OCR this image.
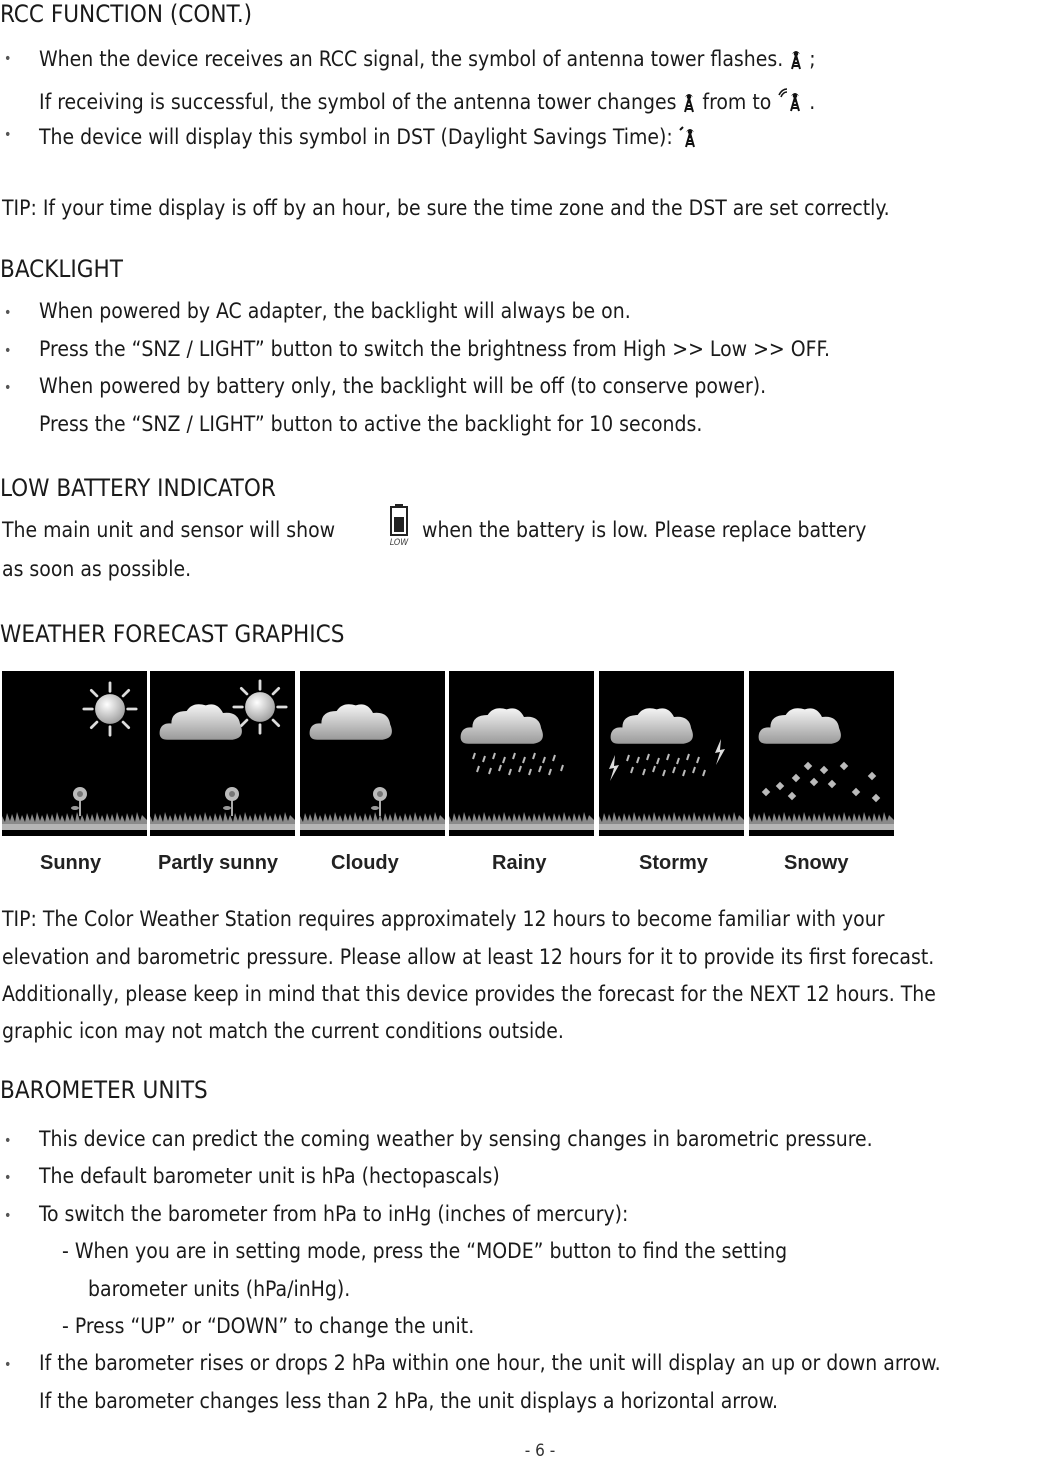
RCC FUNCTION (CONT.)
• When the device receives an RCC signal, the symbol of antenna tower flashes. ;
If receiving is successful, the symbol of the antenna tower changes from to .
• The device will display this symbol in DST (Daylight Savings Time):
TIP: If your time display is off by an hour, be sure the time zone and the DST are set correctly.
BACKLIGHT
• When powered by AC adapter, the backlight will always be on.
• Press the “SNZ / LIGHT” button to switch the brightness from High >> Low >> OFF.
• When powered by battery only, the backlight will be off (to conserve power).
Press the “SNZ / LIGHT” button to active the backlight for 10 seconds.
LOW BATTERY INDICATOR
The main unit and sensor will show
LOW
when the battery is low. Please replace battery
as soon as possible.
WEATHER FORECAST GRAPHICS
Sunny	Partly sunny	Cloudy	Rainy	Stormy	Snowy
TIP: The Color Weather Station requires approximately 12 hours to become familiar with your
elevation and barometric pressure. Please allow at least 12 hours for it to provide its first forecast.
Additionally, please keep in mind that this device provides the forecast for the NEXT 12 hours. The
graphic icon may not match the current conditions outside.
BAROMETER UNITS
• This device can predict the coming weather by sensing changes in barometric pressure.
• The default barometer unit is hPa (hectopascals)
• To switch the barometer from hPa to inHg (inches of mercury):
- When you are in setting mode, press the “MODE” button to find the setting
barometer units (hPa/inHg).
- Press “UP” or “DOWN” to change the unit.
• If the barometer rises or drops 2 hPa within one hour, the unit will display an up or down arrow.
If the barometer changes less than 2 hPa, the unit displays a horizontal arrow.
- 6 -
